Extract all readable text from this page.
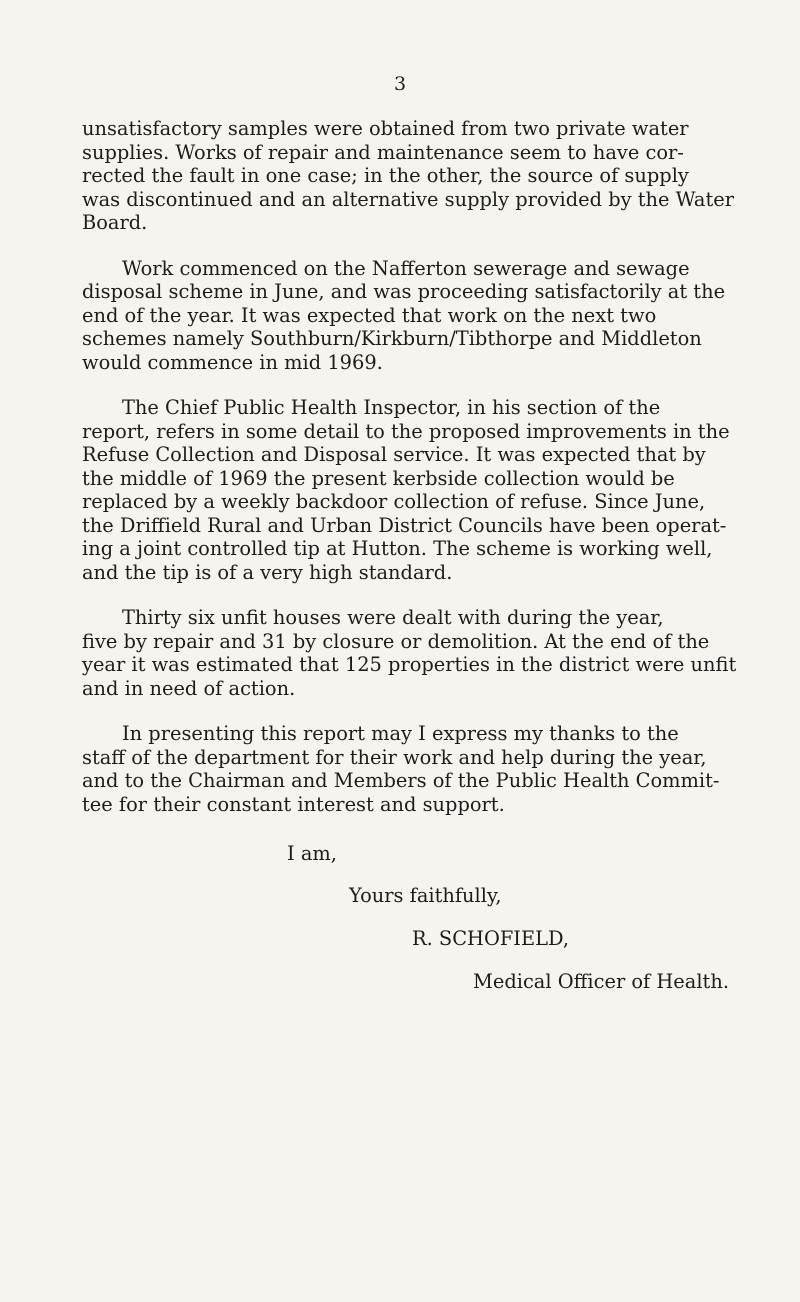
3

unsatisfactory samples were obtained from two private water
supplies. Works of repair and maintenance seem to have cor-
rected the fault in one case; in the other, the source of supply
was discontinued and an alternative supply provided by the Water
Board.

Work commenced on the Nafferton sewerage and sewage
disposal scheme in June, and was proceeding satisfactorily at the
end of the year. It was expected that work on the next two
schemes namely Southburn/Kirkburn/Tibthorpe and Middleton
would commence in mid 1969.

The Chief Public Health Inspector, in his section of the
report, refers in some detail to the proposed improvements in the
Refuse Collection and Disposal service. It was expected that by
the middle of 1969 the present kerbside collection would be
replaced by a weekly backdoor collection of refuse. Since June,
the Driffield Rural and Urban District Councils have been operat-
ing a joint controlled tip at Hutton. The scheme is working well,
and the tip is of a very high standard.

Thirty six unfit houses were dealt with during the year,
five by repair and 31 by closure or demolition. At the end of the
year it was estimated that 125 properties in the district were unfit
and in need of action.

In presenting this report may I express my thanks to the
staff of the department for their work and help during the year,
and to the Chairman and Members of the Public Health Commit-
tee for their constant interest and support.

I am,
Yours faithfully,
R. SCHOFIELD,
Medical Officer of Health.
